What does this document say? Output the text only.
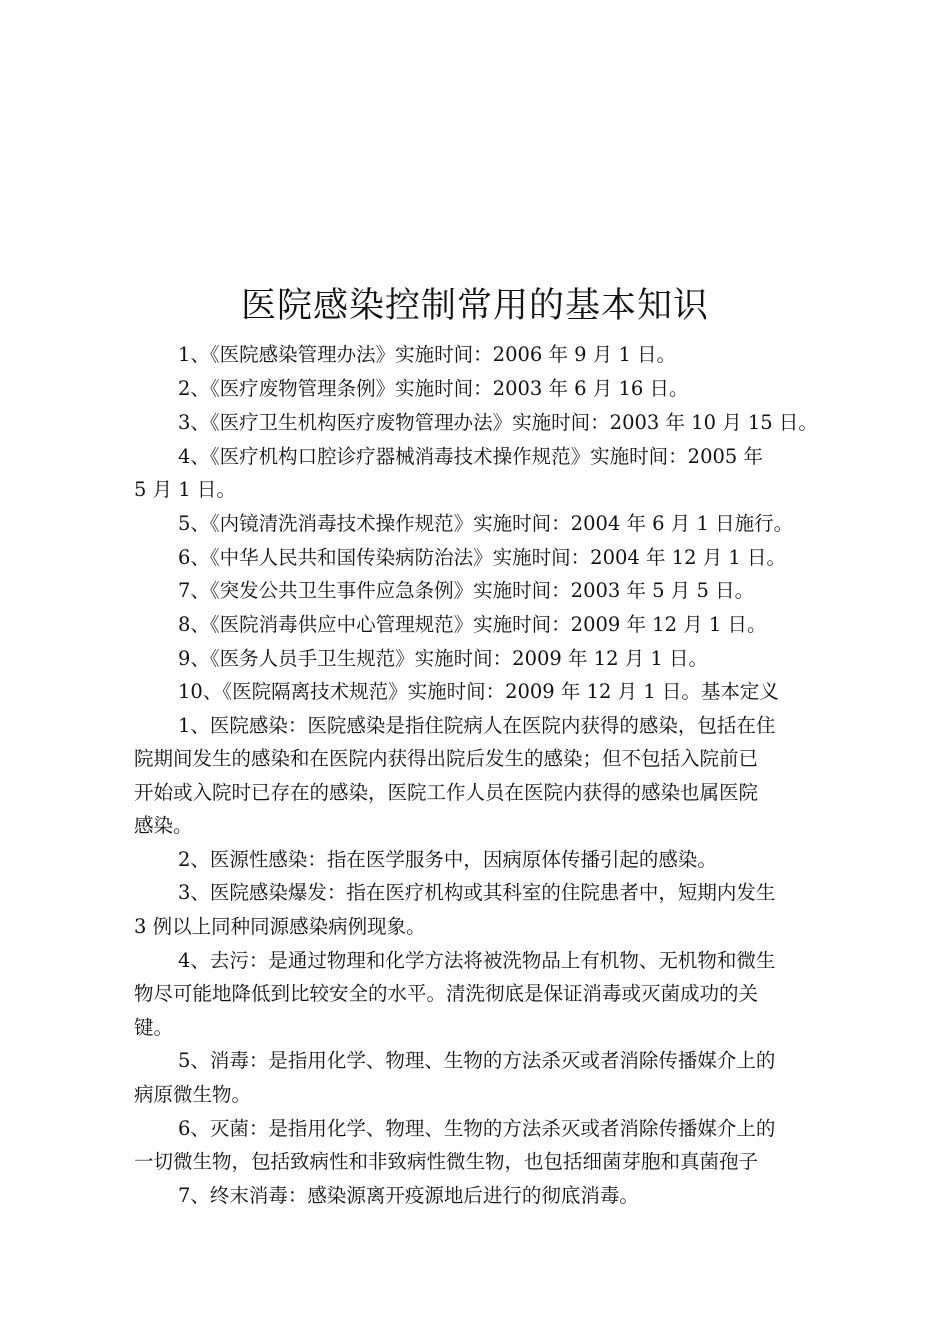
医院感染控制常用的基本知识
1、《医院感染管理办法》实施时间：2006 年 9 月 1 日。
2、《医疗废物管理条例》实施时间：2003 年 6 月 16 日。
3、《医疗卫生机构医疗废物管理办法》实施时间：2003 年 10 月 15 日。
4、《医疗机构口腔诊疗器械消毒技术操作规范》实施时间：2005 年
5 月 1 日。
5、《内镜清洗消毒技术操作规范》实施时间：2004 年 6 月 1 日施行。
6、《中华人民共和国传染病防治法》实施时间：2004 年 12 月 1 日。
7、《突发公共卫生事件应急条例》实施时间：2003 年 5 月 5 日。
8、《医院消毒供应中心管理规范》实施时间：2009 年 12 月 1 日。
9、《医务人员手卫生规范》实施时间：2009 年 12 月 1 日。
10、《医院隔离技术规范》实施时间：2009 年 12 月 1 日。基本定义
1、医院感染：医院感染是指住院病人在医院内获得的感染，包括在住
院期间发生的感染和在医院内获得出院后发生的感染；但不包括入院前已
开始或入院时已存在的感染，医院工作人员在医院内获得的感染也属医院
感染。
2、医源性感染：指在医学服务中，因病原体传播引起的感染。
3、医院感染爆发：指在医疗机构或其科室的住院患者中，短期内发生
3 例以上同种同源感染病例现象。
4、去污：是通过物理和化学方法将被洗物品上有机物、无机物和微生
物尽可能地降低到比较安全的水平。清洗彻底是保证消毒或灭菌成功的关
键。
5、消毒：是指用化学、物理、生物的方法杀灭或者消除传播媒介上的
病原微生物。
6、灭菌：是指用化学、物理、生物的方法杀灭或者消除传播媒介上的
一切微生物，包括致病性和非致病性微生物，也包括细菌芽胞和真菌孢子
7、终末消毒：感染源离开疫源地后进行的彻底消毒。
